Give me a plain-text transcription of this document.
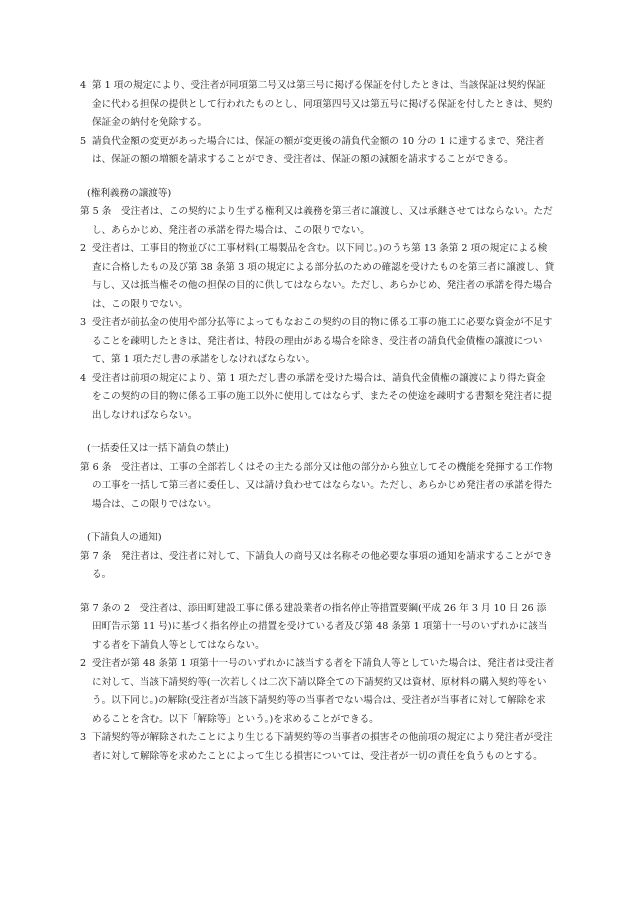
4 第 1 項の規定により、受注者が同項第二号又は第三号に掲げる保証を付したときは、当該保証は契約保証金に代わる担保の提供として行われたものとし、同項第四号又は第五号に掲げる保証を付したときは、契約保証金の納付を免除する。

5 請負代金額の変更があった場合には、保証の額が変更後の請負代金額の 10 分の 1 に達するまで、発注者は、保証の額の増額を請求することができ、受注者は、保証の額の減額を請求することができる。

(権利義務の譲渡等)

第 5 条　受注者は、この契約により生ずる権利又は義務を第三者に譲渡し、又は承継させてはならない。ただし、あらかじめ、発注者の承諾を得た場合は、この限りでない。

2 受注者は、工事目的物並びに工事材料(工場製品を含む。以下同じ。)のうち第 13 条第 2 項の規定による検査に合格したもの及び第 38 条第 3 項の規定による部分払のための確認を受けたものを第三者に譲渡し、貸与し、又は抵当権その他の担保の目的に供してはならない。ただし、あらかじめ、発注者の承諾を得た場合は、この限りでない。

3 受注者が前払金の使用や部分払等によってもなおこの契約の目的物に係る工事の施工に必要な資金が不足することを疎明したときは、発注者は、特段の理由がある場合を除き、受注者の請負代金債権の譲渡について、第 1 項ただし書の承諾をしなければならない。

4 受注者は前項の規定により、第 1 項ただし書の承諾を受けた場合は、請負代金債権の譲渡により得た資金をこの契約の目的物に係る工事の施工以外に使用してはならず、またその使途を疎明する書類を発注者に提出しなければならない。

(一括委任又は一括下請負の禁止)

第 6 条　受注者は、工事の全部若しくはその主たる部分又は他の部分から独立してその機能を発揮する工作物の工事を一括して第三者に委任し、又は請け負わせてはならない。ただし、あらかじめ発注者の承諾を得た場合は、この限りではない。

(下請負人の通知)

第 7 条　発注者は、受注者に対して、下請負人の商号又は名称その他必要な事項の通知を請求することができる。

第 7 条の 2　受注者は、添田町建設工事に係る建設業者の指名停止等措置要綱(平成 26 年 3 月 10 日 26 添田町告示第 11 号)に基づく指名停止の措置を受けている者及び第 48 条第 1 項第十一号のいずれかに該当する者を下請負人等としてはならない。

2 受注者が第 48 条第 1 項第十一号のいずれかに該当する者を下請負人等としていた場合は、発注者は受注者に対して、当該下請契約等(一次若しくは二次下請以降全ての下請契約又は資材、原材料の購入契約等をいう。以下同じ。)の解除(受注者が当該下請契約等の当事者でない場合は、受注者が当事者に対して解除を求めることを含む。以下「解除等」という。)を求めることができる。

3 下請契約等が解除されたことにより生じる下請契約等の当事者の損害その他前項の規定により発注者が受注者に対して解除等を求めたことによって生じる損害については、受注者が一切の責任を負うものとする。
